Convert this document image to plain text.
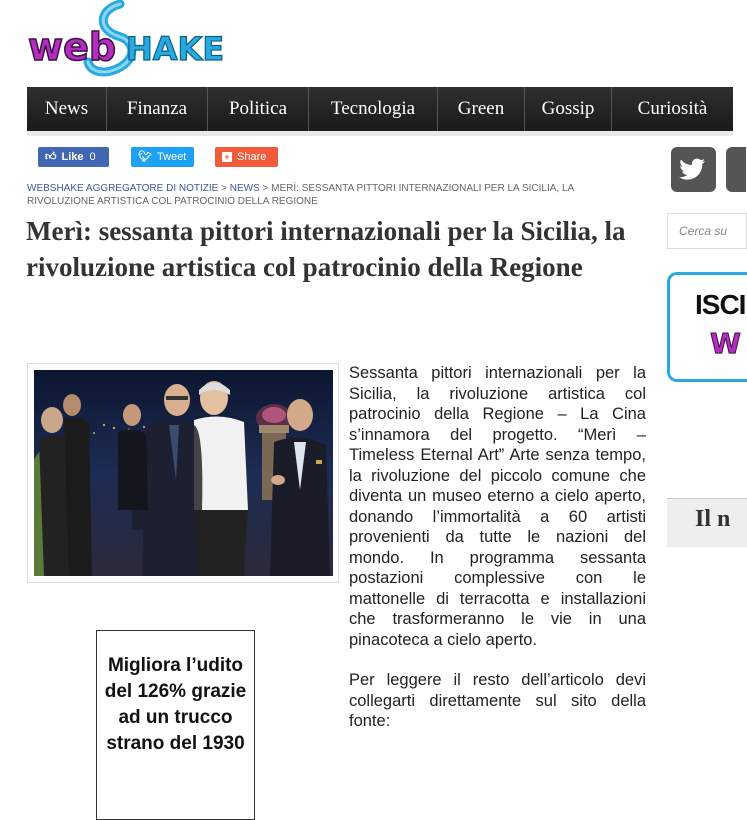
web HAKE
News	Finanza	Politica	Tecnologia	Green	Gossip	Curiosità
👍︎ Like 0	🐦︎ Tweet	+ Share
WEBSHAKE AGGREGATORE DI NOTIZIE > NEWS > MERÌ: SESSANTA PITTORI INTERNAZIONALI PER LA SICILIA, LA RIVOLUZIONE ARTISTICA COL PATROCINIO DELLA REGIONE
Merì: sessanta pittori internazionali per la Sicilia, la rivoluzione artistica col patrocinio della Regione

Sessanta pittori internazionali per la Sicilia, la rivoluzione artistica col patrocinio della Regione – La Cina s’innamora del progetto. “Merì – Timeless Eternal Art” Arte senza tempo, la rivoluzione del piccolo comune che diventa un museo eterno a cielo aperto, donando l’immortalità a 60 artisti provenienti da tutte le nazioni del mondo. In programma sessanta postazioni complessive con le mattonelle di terracotta e installazioni che trasformeranno le vie in una pinacoteca a cielo aperto.

Per leggere il resto dell’articolo devi collegarti direttamente sul sito della fonte:

Migliora l’udito del 126% grazie ad un trucco strano del 1930
Cerca su
ISCI
W
Il n
